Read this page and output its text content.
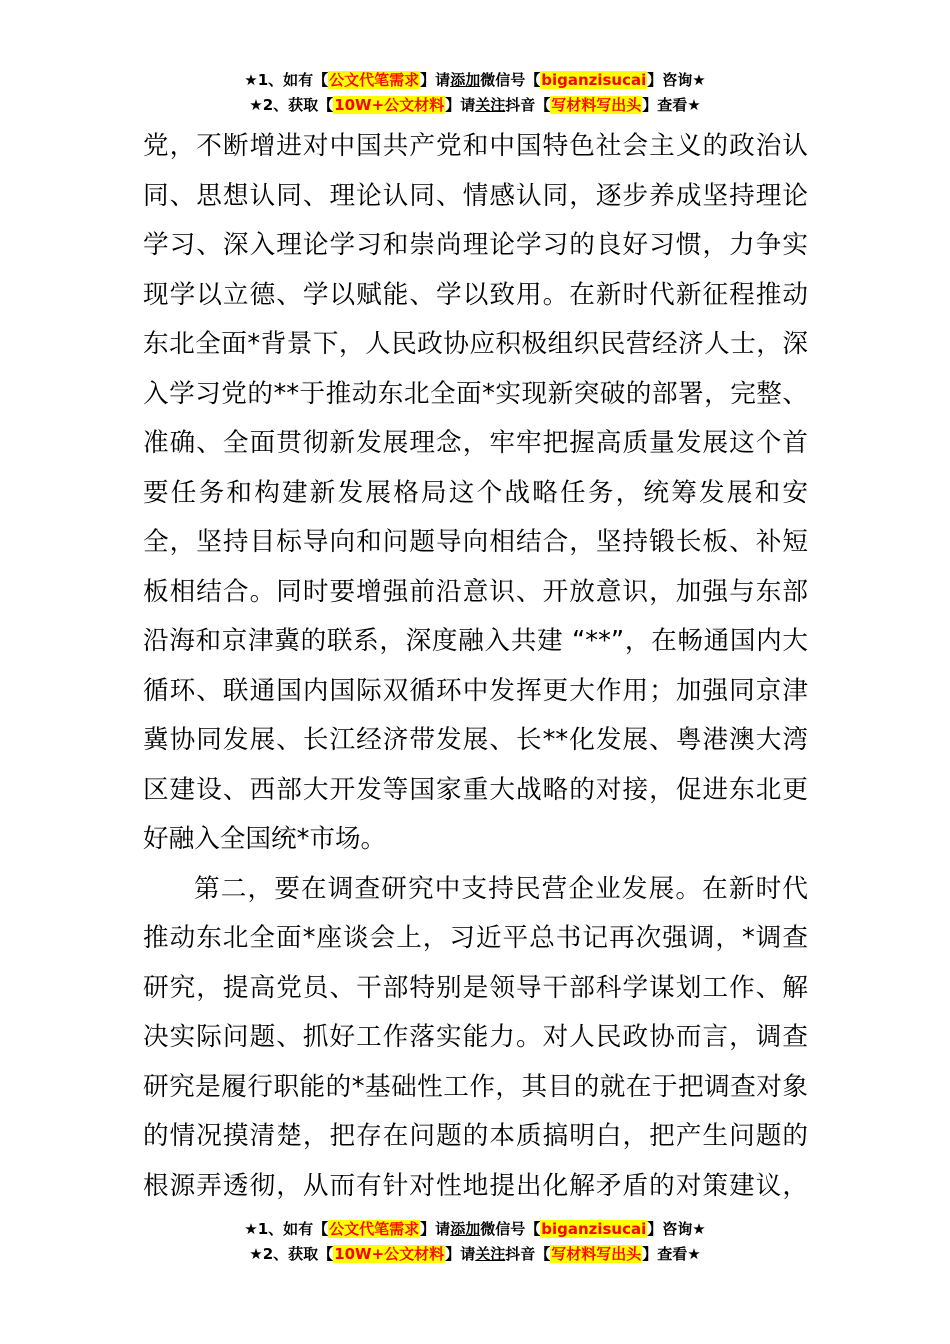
★1、如有【公文代笔需求】请添加微信号【biganzisucai】咨询★
★2、获取【10W+公文材料】请关注抖音【写材料写出头】查看★
党，不断增进对中国共产党和中国特色社会主义的政治认
同、思想认同、理论认同、情感认同，逐步养成坚持理论
学习、深入理论学习和崇尚理论学习的良好习惯，力争实
现学以立德、学以赋能、学以致用。在新时代新征程推动
东北全面*背景下，人民政协应积极组织民营经济人士，深
入学习党的**于推动东北全面*实现新突破的部署，完整、
准确、全面贯彻新发展理念，牢牢把握高质量发展这个首
要任务和构建新发展格局这个战略任务，统筹发展和安
全，坚持目标导向和问题导向相结合，坚持锻长板、补短
板相结合。同时要增强前沿意识、开放意识，加强与东部
沿海和京津冀的联系，深度融入共建 “**”，在畅通国内大
循环、联通国内国际双循环中发挥更大作用；加强同京津
冀协同发展、长江经济带发展、长**化发展、粤港澳大湾
区建设、西部大开发等国家重大战略的对接，促进东北更
好融入全国统*市场。
第二，要在调查研究中支持民营企业发展。在新时代
推动东北全面*座谈会上，习近平总书记再次强调，*调查
研究，提高党员、干部特别是领导干部科学谋划工作、解
决实际问题、抓好工作落实能力。对人民政协而言，调查
研究是履行职能的*基础性工作，其目的就在于把调查对象
的情况摸清楚，把存在问题的本质搞明白，把产生问题的
根源弄透彻，从而有针对性地提出化解矛盾的对策建议，
★1、如有【公文代笔需求】请添加微信号【biganzisucai】咨询★
★2、获取【10W+公文材料】请关注抖音【写材料写出头】查看★
